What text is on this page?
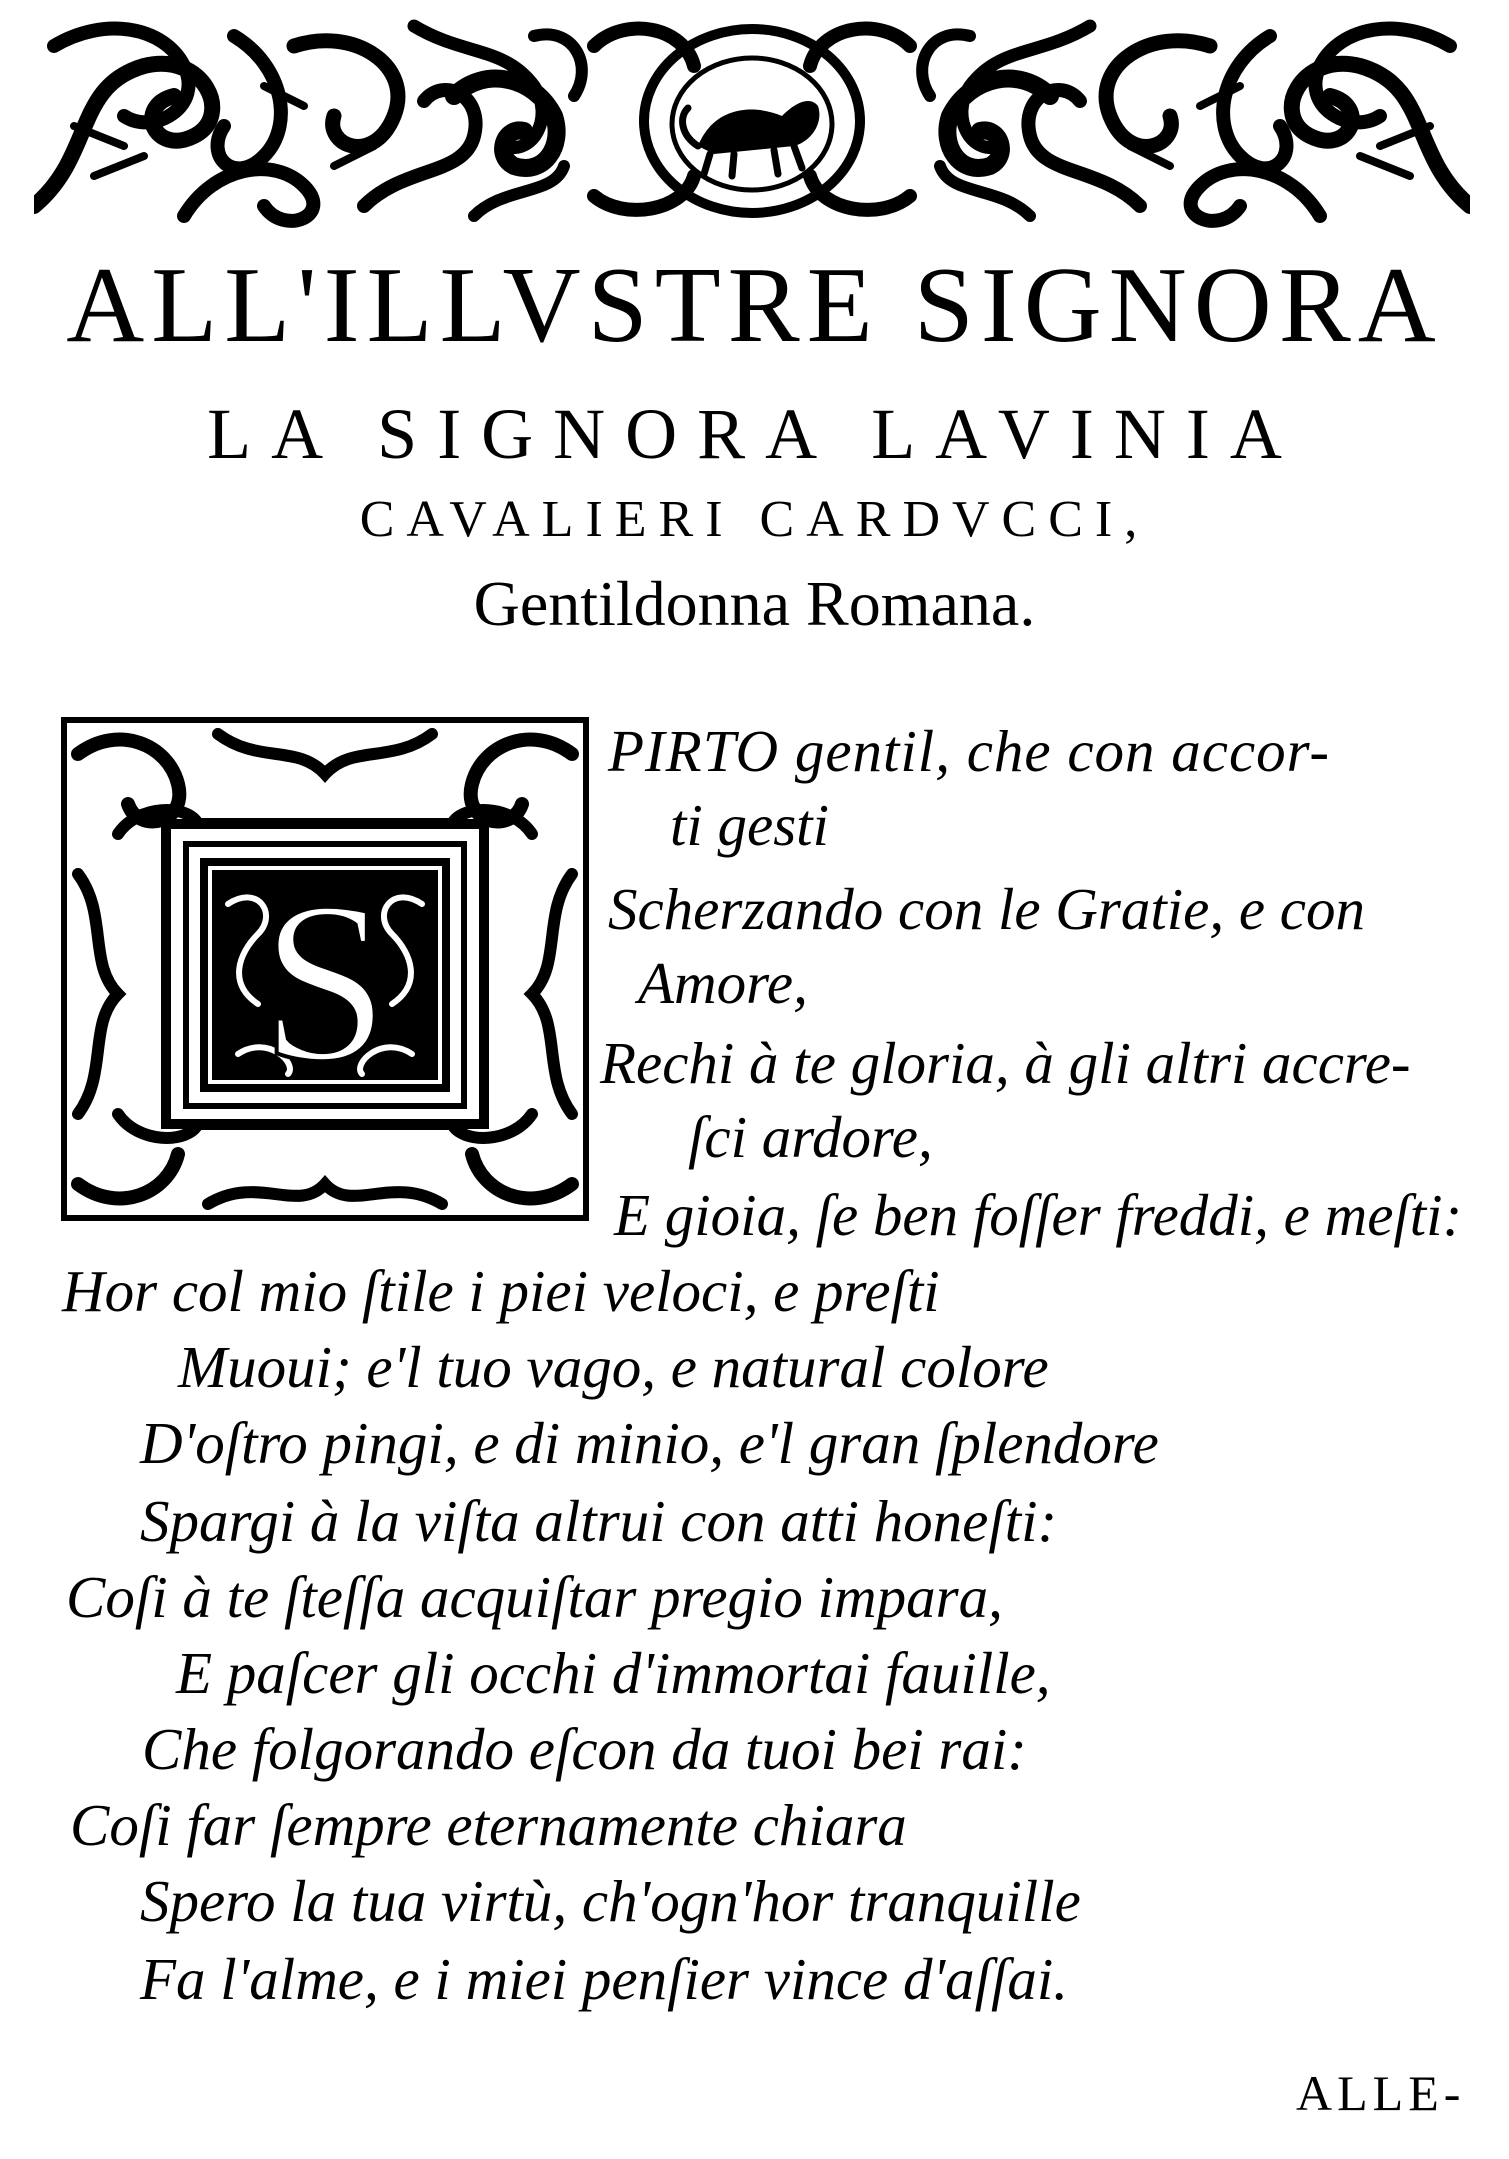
ALL'ILLVSTRE SIGNORA
LA SIGNORA LAVINIA
CAVALIERI CARDVCCI,
Gentildonna Romana.
S
PIRTO gentil, che con accor-
ti gesti
Scherzando con le Gratie, e con
Amore,
Rechi à te gloria, à gli altri accre-
ſci ardore,
E gioia, ſe ben foſſer freddi, e meſti:
Hor col mio ſtile i piei veloci, e preſti
Muoui; e'l tuo vago, e natural colore
D'oſtro pingi, e di minio, e'l gran ſplendore
Spargi à la viſta altrui con atti honeſti:
Coſi à te ſteſſa acquiſtar pregio impara,
E paſcer gli occhi d'immortai fauille,
Che folgorando eſcon da tuoi bei rai:
Coſi far ſempre eternamente chiara
Spero la tua virtù, ch'ogn'hor tranquille
Fa l'alme, e i miei penſier vince d'aſſai.
ALLE-
